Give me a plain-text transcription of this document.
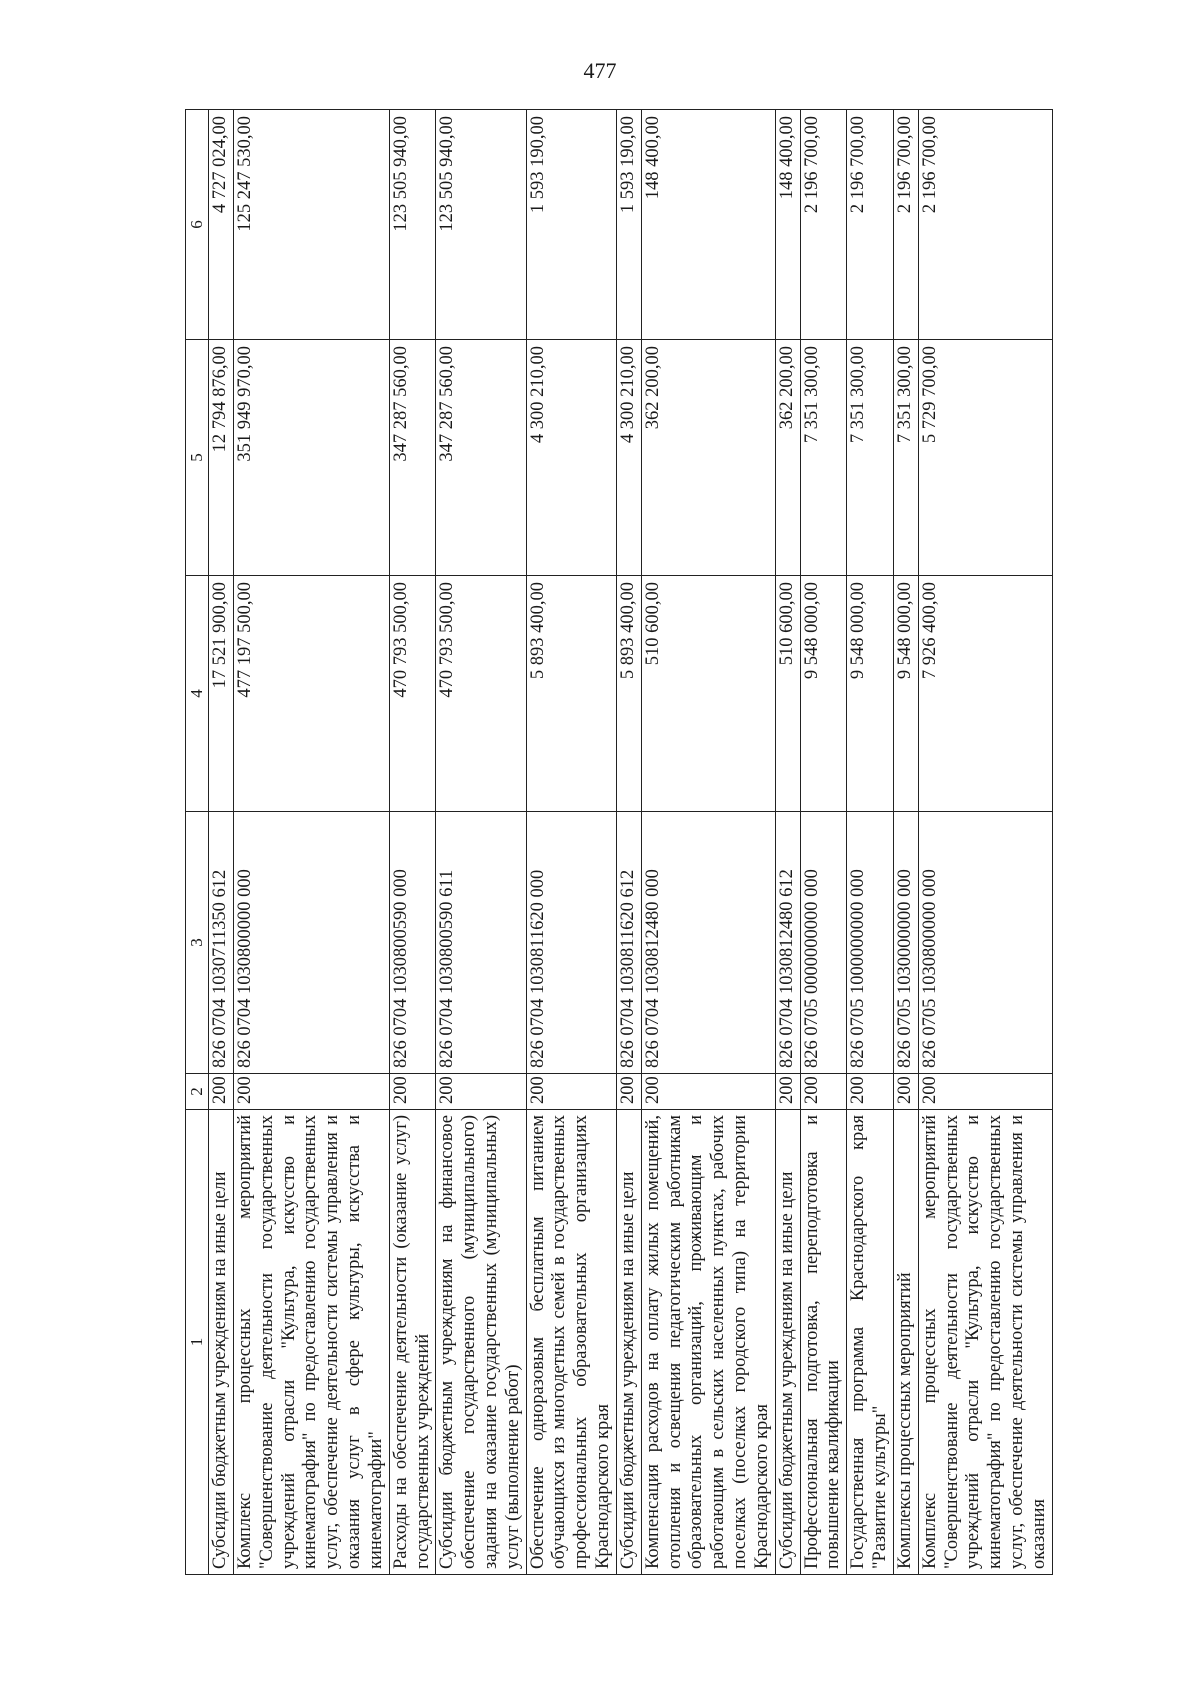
477
1	2	3	4	5	6
Субсидии бюджетным учреждениям на иные цели	200	826 0704 1030711350 612	17 521 900,00	12 794 876,00	4 727 024,00
Комплекс процессных мероприятий "Совершенствование деятельности государственных учреждений отрасли "Культура, искусство и кинематография" по предоставлению государственных услуг, обеспечение деятельности системы управления и оказания услуг в сфере культуры, искусства и кинематографии"	200	826 0704 1030800000 000	477 197 500,00	351 949 970,00	125 247 530,00
Расходы на обеспечение деятельности (оказание услуг) государственных учреждений	200	826 0704 1030800590 000	470 793 500,00	347 287 560,00	123 505 940,00
Субсидии бюджетным учреждениям на финансовое обеспечение государственного (муниципального) задания на оказание государственных (муниципальных) услуг (выполнение работ)	200	826 0704 1030800590 611	470 793 500,00	347 287 560,00	123 505 940,00
Обеспечение одноразовым бесплатным питанием обучающихся из многодетных семей в государственных профессиональных образовательных организациях Краснодарского края	200	826 0704 1030811620 000	5 893 400,00	4 300 210,00	1 593 190,00
Субсидии бюджетным учреждениям на иные цели	200	826 0704 1030811620 612	5 893 400,00	4 300 210,00	1 593 190,00
Компенсация расходов на оплату жилых помещений, отопления и освещения педагогическим работникам образовательных организаций, проживающим и работающим в сельских населенных пунктах, рабочих поселках (поселках городского типа) на территории Краснодарского края	200	826 0704 1030812480 000	510 600,00	362 200,00	148 400,00
Субсидии бюджетным учреждениям на иные цели	200	826 0704 1030812480 612	510 600,00	362 200,00	148 400,00
Профессиональная подготовка, переподготовка и повышение квалификации	200	826 0705 0000000000 000	9 548 000,00	7 351 300,00	2 196 700,00
Государственная программа Краснодарского края "Развитие культуры"	200	826 0705 1000000000 000	9 548 000,00	7 351 300,00	2 196 700,00
Комплексы процессных мероприятий	200	826 0705 1030000000 000	9 548 000,00	7 351 300,00	2 196 700,00
Комплекс процессных мероприятий "Совершенствование деятельности государственных учреждений отрасли "Культура, искусство и кинематография" по предоставлению государственных услуг, обеспечение деятельности системы управления и оказания	200	826 0705 1030800000 000	7 926 400,00	5 729 700,00	2 196 700,00
